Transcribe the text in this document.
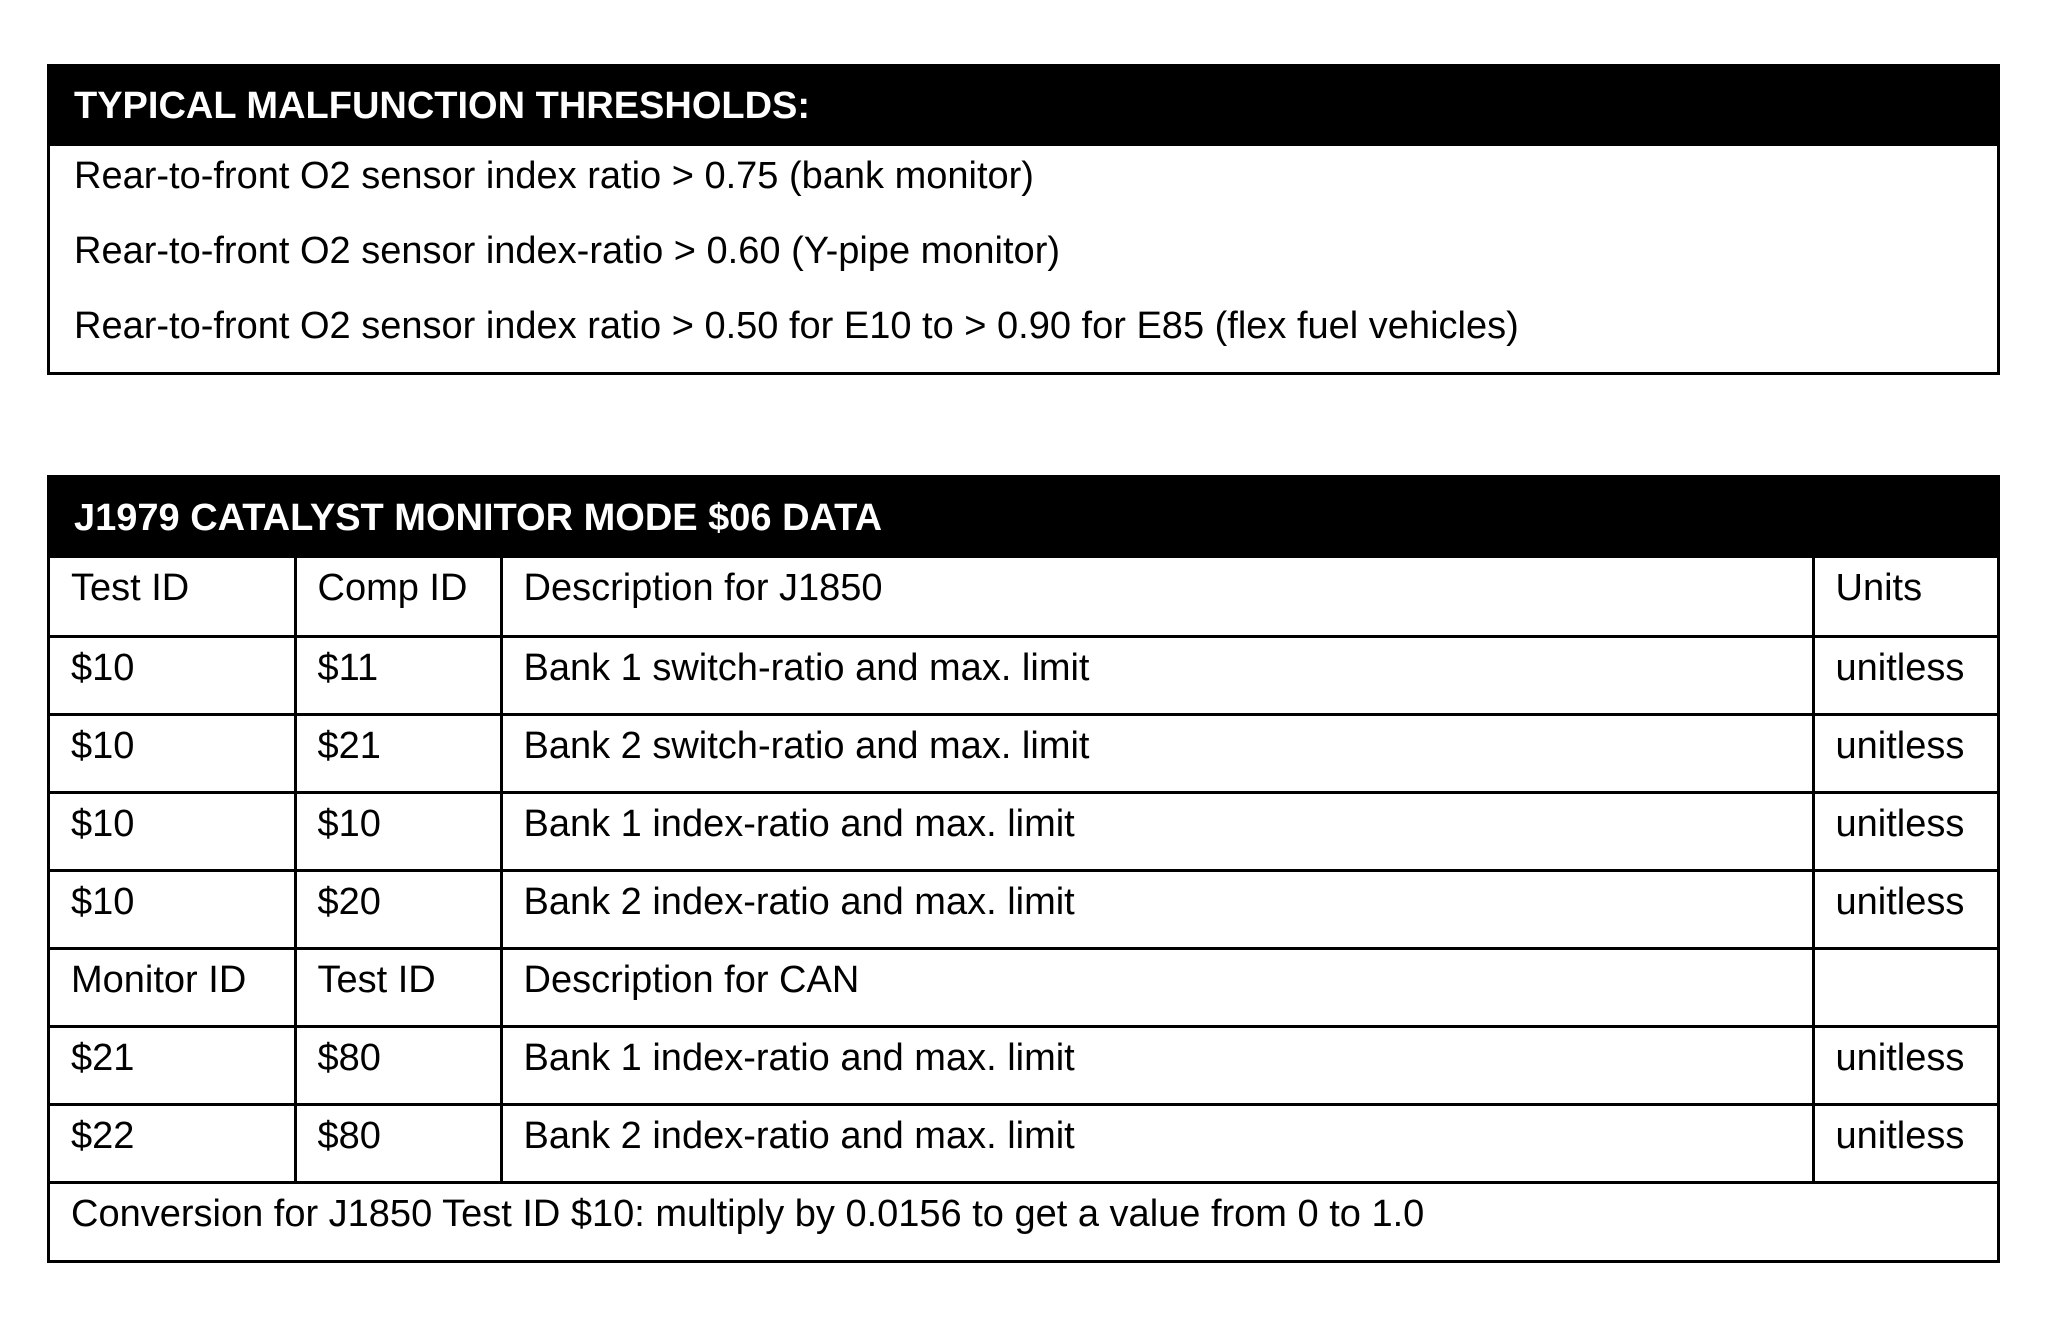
TYPICAL MALFUNCTION THRESHOLDS:
Rear-to-front O2 sensor index ratio > 0.75 (bank monitor)
Rear-to-front O2 sensor index-ratio > 0.60 (Y-pipe monitor)
Rear-to-front O2 sensor index ratio > 0.50 for E10 to > 0.90 for E85 (flex fuel vehicles)
J1979 CATALYST MONITOR MODE $06 DATA
Test ID	Comp ID	Description for J1850	Units
$10	$11	Bank 1 switch-ratio and max. limit	unitless
$10	$21	Bank 2 switch-ratio and max. limit	unitless
$10	$10	Bank 1 index-ratio and max. limit	unitless
$10	$20	Bank 2 index-ratio and max. limit	unitless
Monitor ID	Test ID	Description for CAN	
$21	$80	Bank 1 index-ratio and max. limit	unitless
$22	$80	Bank 2 index-ratio and max. limit	unitless
Conversion for J1850 Test ID $10: multiply by 0.0156 to get a value from 0 to 1.0			
